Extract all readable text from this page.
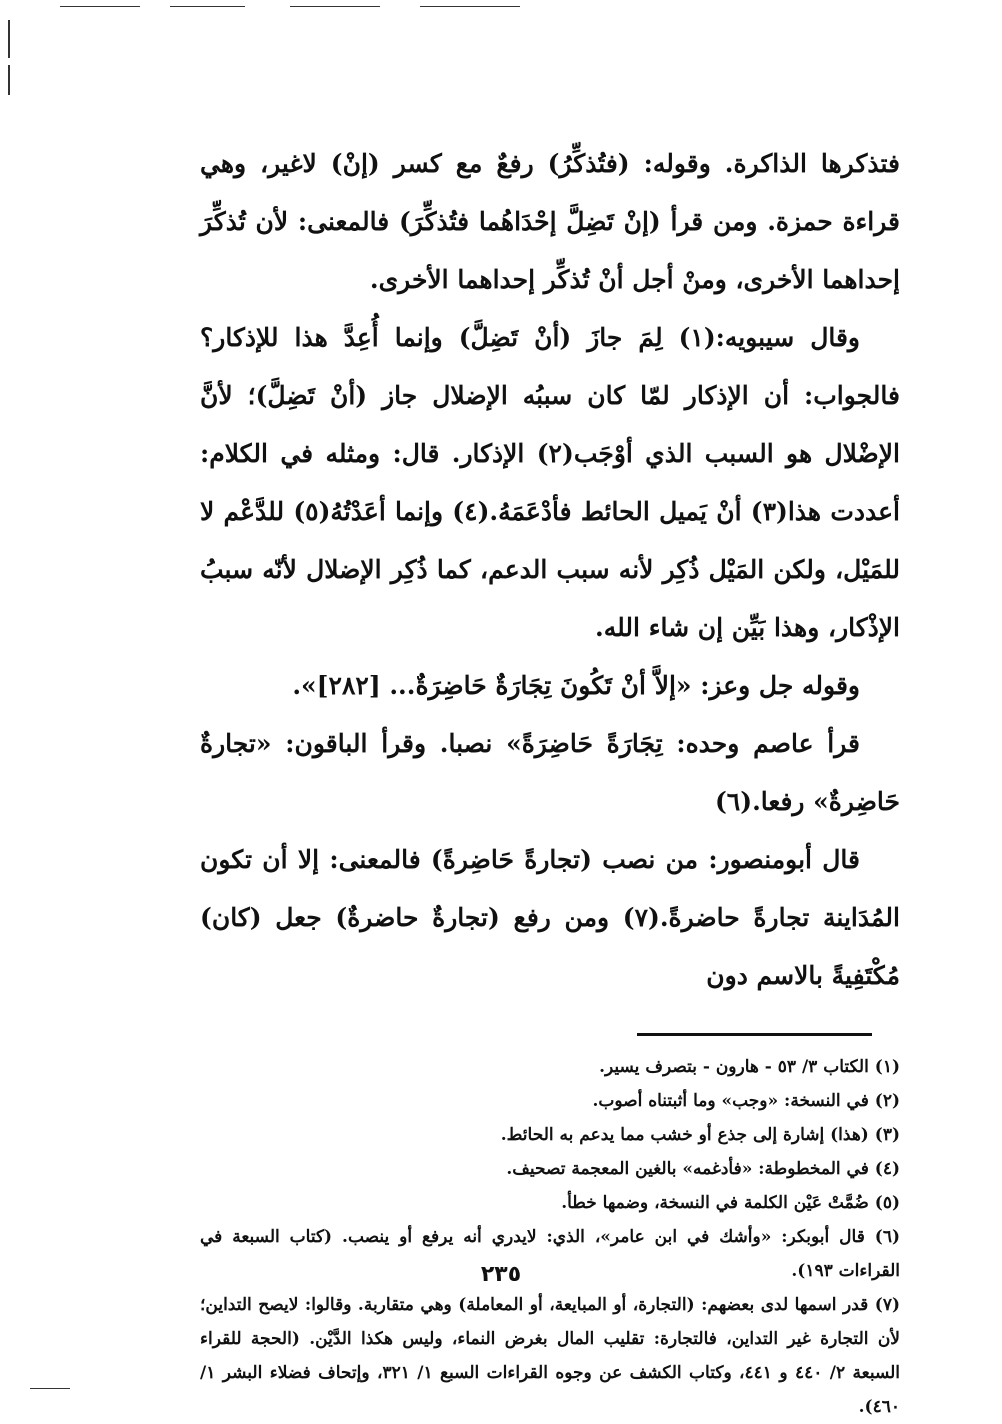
فتذكرها الذاكرة. وقوله: (فتُذكِّرُ) رفعٌ مع كسر (إنْ) لاغير، وهي قراءة حمزة. ومن قرأ (إنْ تَضِلَّ إحْدَاهُما فتُذكِّرَ) فالمعنى: لأن تُذكِّرَ إحداهما الأخرى، ومنْ أجل أنْ تُذكِّر إحداهما الأخرى.

وقال سيبويه:(١) لِمَ جازَ (أنْ تَضِلَّ) وإنما أُعِدَّ هذا للإذكار؟ فالجواب: أن الإذكار لمّا كان سببُه الإضلال جاز (أنْ تَضِلَّ)؛ لأنَّ الإضْلال هو السبب الذي أوْجَب(٢) الإذكار. قال: ومثله في الكلام: أعددت هذا(٣) أنْ يَميل الحائط فأدْعَمَهُ.(٤) وإنما أعَدْتُهُ(٥) للدَّعْم لا للمَيْل، ولكن المَيْل ذُكِر لأنه سبب الدعم، كما ذُكِر الإضلال لأنّه سببُ الإذْكار، وهذا بَيِّن إن شاء الله.

وقوله جل وعز: «إلاَّ أنْ تَكُونَ تِجَارَةٌ حَاضِرَةٌ... [٢٨٢]».

قرأ عاصم وحده: تِجَارَةً حَاضِرَةً» نصبا. وقرأ الباقون: «تجارةٌ حَاضِرةٌ» رفعا.(٦)

قال أبومنصور: من نصب (تجارةً حَاضِرةً) فالمعنى: إلا أن تكون المُدَاينة تجارةً حاضرةً.(٧) ومن رفع (تجارةٌ حاضرةٌ) جعل (كان) مُكْتَفِيةً بالاسم دون

(١) الكتاب ٣/ ٥٣ - هارون - بتصرف يسير.

(٢) في النسخة: «وجب» وما أثبتناه أصوب.

(٣) (هذا) إشارة إلى جذع أو خشب مما يدعم به الحائط.

(٤) في المخطوطة: «فأدغمه» بالغين المعجمة تصحيف.

(٥) ضُمَّتْ عَيْن الكلمة في النسخة، وضمها خطأ.

(٦) قال أبوبكر: «وأشك في ابن عامر»، الذي: لايدري أنه يرفع أو ينصب. (كتاب السبعة في القراءات ١٩٣).

(٧) قدر اسمها لدى بعضهم: (التجارة، أو المبايعة، أو المعاملة) وهي متقاربة. وقالوا: لايصح التداين؛ لأن التجارة غير التداين، فالتجارة: تقليب المال بغرض النماء، وليس هكذا الدَّيْن. (الحجة للقراء السبعة ٢/ ٤٤٠ و ٤٤١، وكتاب الكشف عن وجوه القراءات السبع ١/ ٣٢١، وإتحاف فضلاء البشر ١/ ٤٦٠).

٢٣٥
